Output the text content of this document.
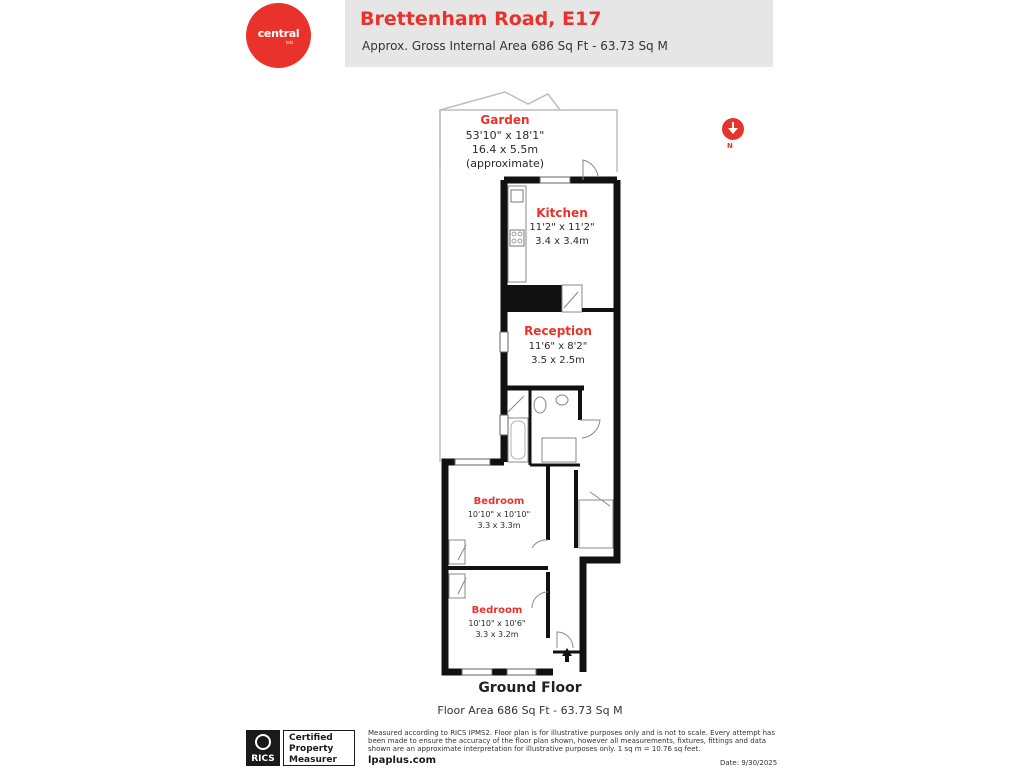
central
lets
Brettenham Road, E17
Approx. Gross Internal Area 686 Sq Ft - 63.73 Sq M
N
Garden
53'10" x 18'1"
16.4 x 5.5m
(approximate)
Kitchen
11'2" x 11'2"
3.4 x 3.4m
Reception
11'6" x 8'2"
3.5 x 2.5m
Bedroom
10'10" x 10'10"
3.3 x 3.3m
Bedroom
10'10" x 10'6"
3.3 x 3.2m
Ground Floor
Floor Area 686 Sq Ft - 63.73 Sq M
RICS
Certified
Property
Measurer
Measured according to RICS IPMS2. Floor plan is for illustrative purposes only and is not to scale. Every attempt has been made to ensure the accuracy of the floor plan shown, however all measurements, fixtures, fittings and data shown are an approximate interpretation for illustrative purposes only. 1 sq m = 10.76 sq feet.
lpaplus.com	Date: 9/30/2025
